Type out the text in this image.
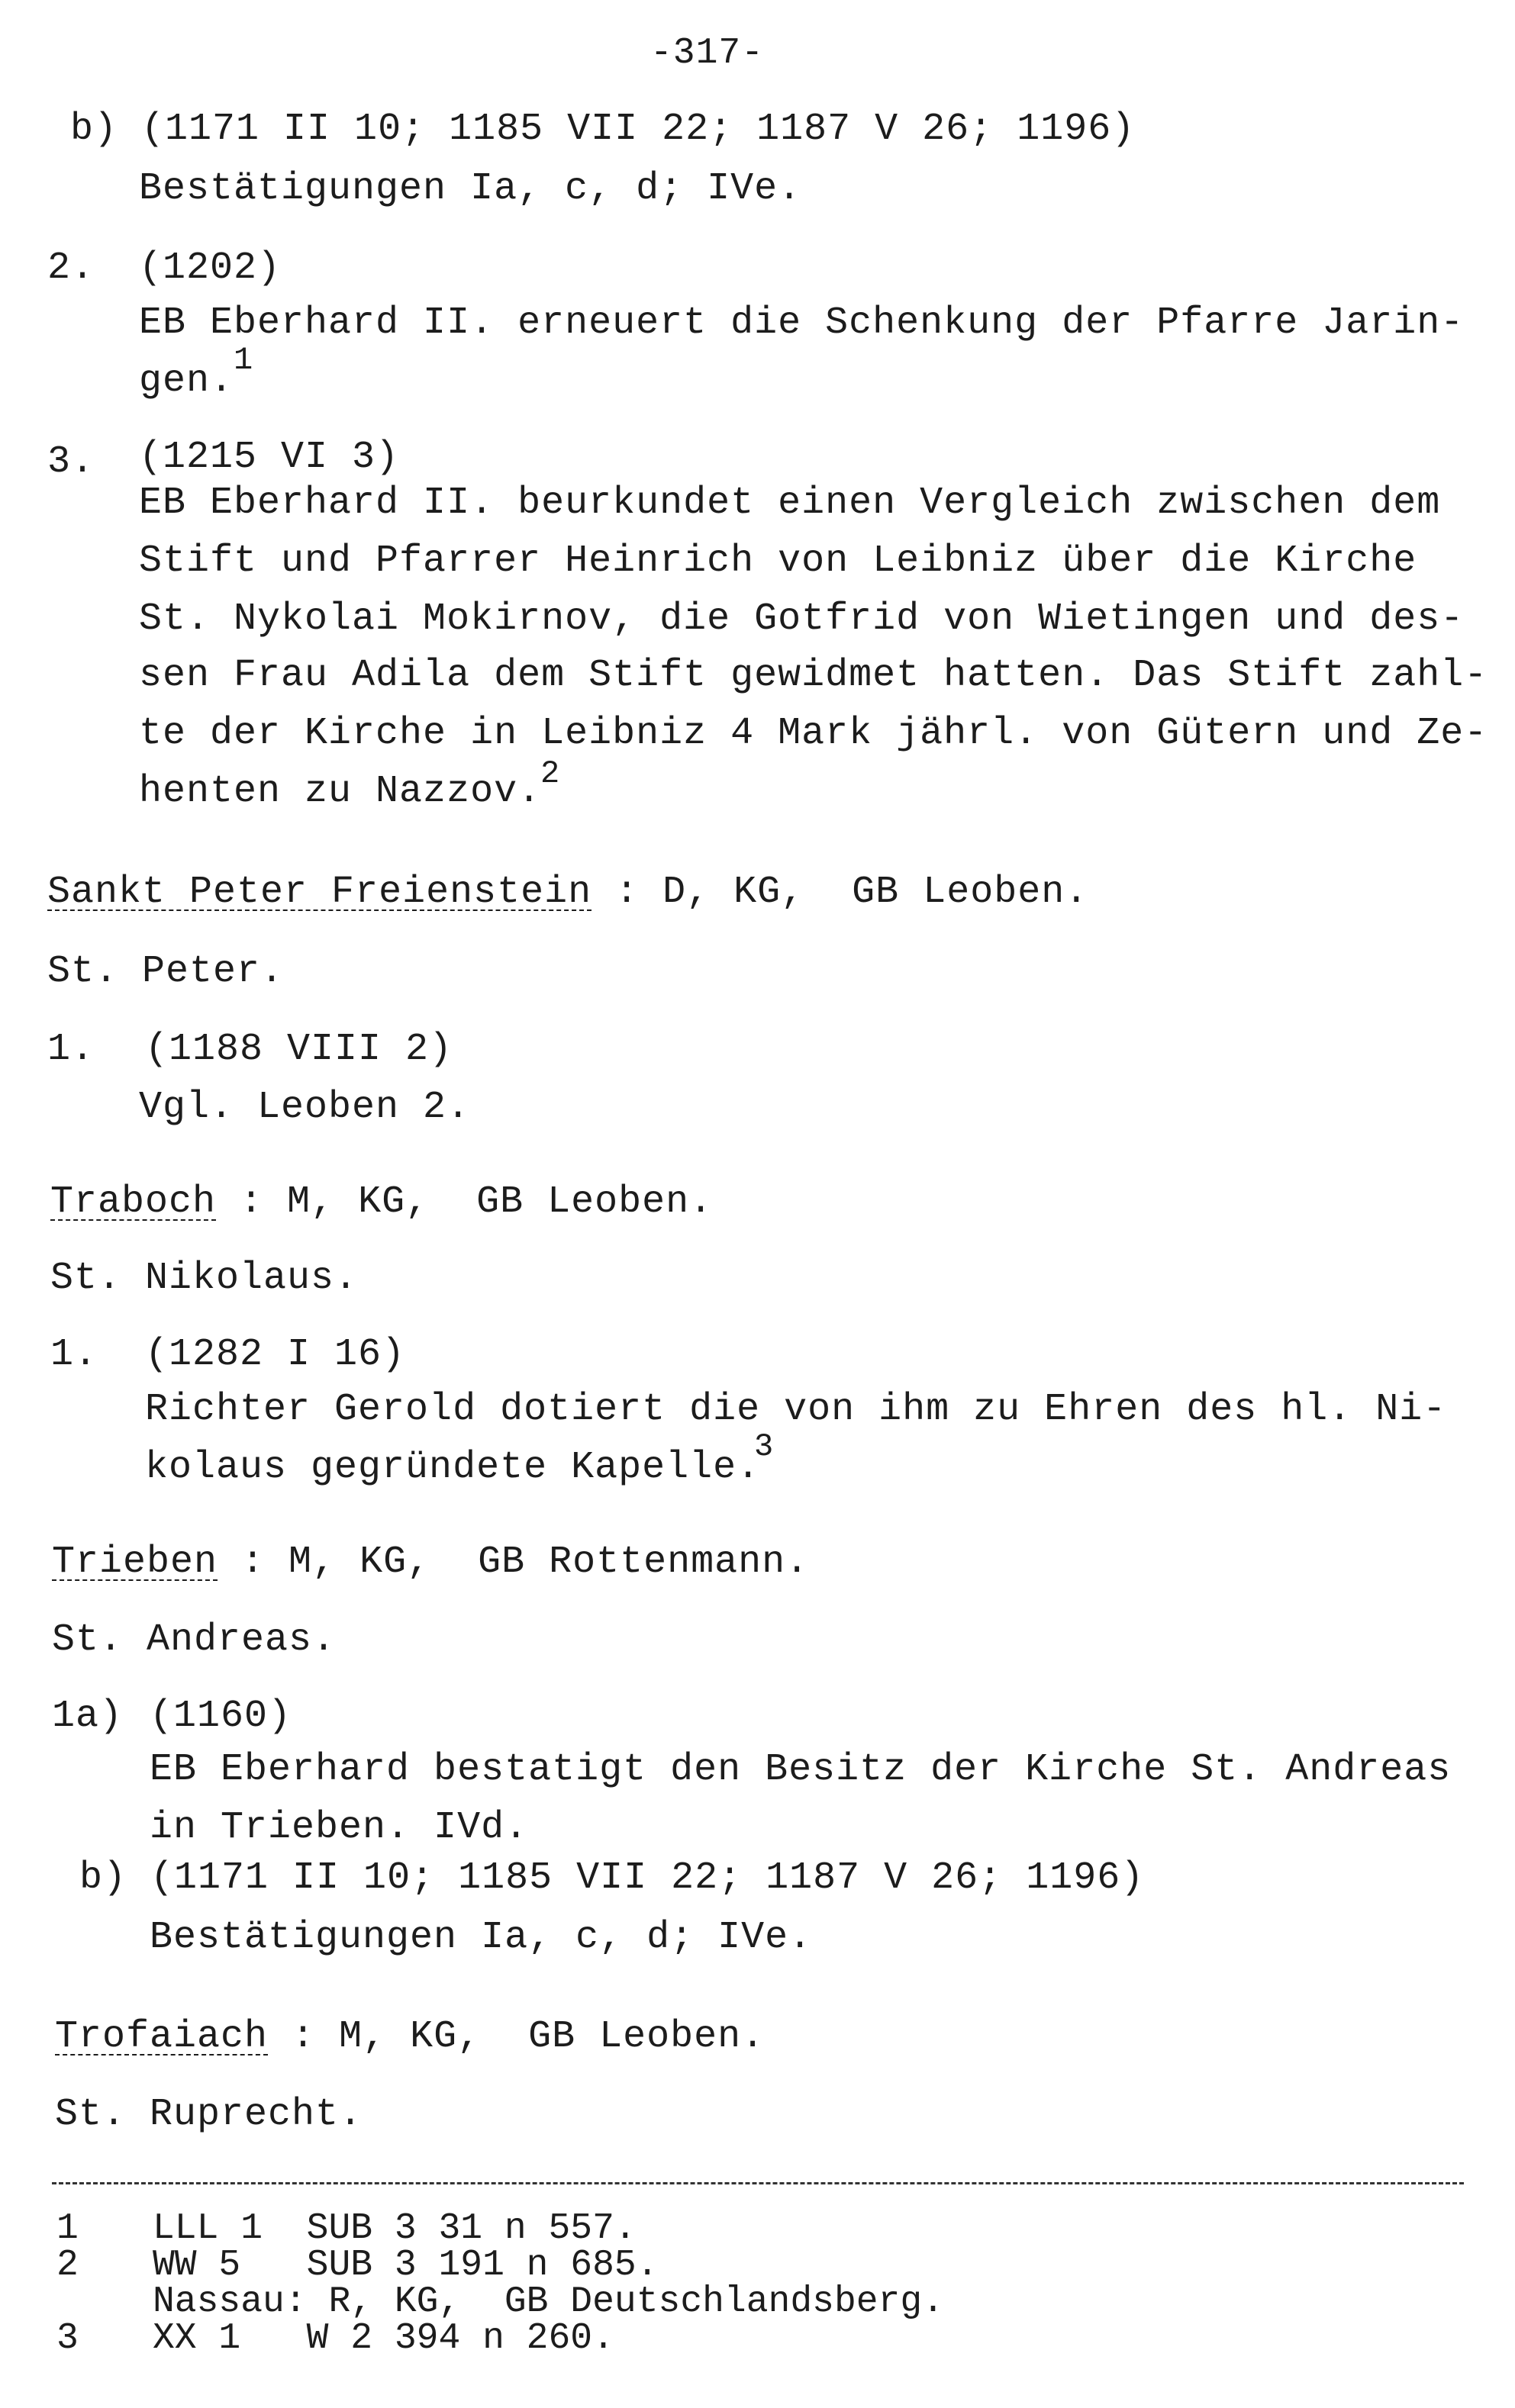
-317-
b) (1171 II 10; 1185 VII 22; 1187 V 26; 1196)
Bestätigungen Ia, c, d; IVe.
2. (1202)
EB Eberhard II. erneuert die Schenkung der Pfarre Jarin-
1
gen.
3. (1215 VI 3)
EB Eberhard II. beurkundet einen Vergleich zwischen dem
Stift und Pfarrer Heinrich von Leibniz über die Kirche
St. Nykolai Mokirnov, die Gotfrid von Wietingen und des-
sen Frau Adila dem Stift gewidmet hatten. Das Stift zahl-
te der Kirche in Leibniz 4 Mark jährl. von Gütern und Ze-
henten zu Nazzov.
2
Sankt Peter Freienstein : D, KG,  GB Leoben.
St. Peter.
1. (1188 VIII 2)
Vgl. Leoben 2.
Traboch : M, KG,  GB Leoben.
St. Nikolaus.
1. (1282 I 16)
Richter Gerold dotiert die von ihm zu Ehren des hl. Ni-
kolaus gegründete Kapelle.
3
Trieben : M, KG,  GB Rottenmann.
St. Andreas.
1a) (1160)
EB Eberhard bestatigt den Besitz der Kirche St. Andreas
in Trieben. IVd.
b) (1171 II 10; 1185 VII 22; 1187 V 26; 1196)
Bestätigungen Ia, c, d; IVe.
Trofaiach : M, KG,  GB Leoben.
St. Ruprecht.
1 LLL 1  SUB 3 31 n 557.
2 WW 5   SUB 3 191 n 685.
Nassau: R, KG,  GB Deutschlandsberg.
3 XX 1   W 2 394 n 260.
